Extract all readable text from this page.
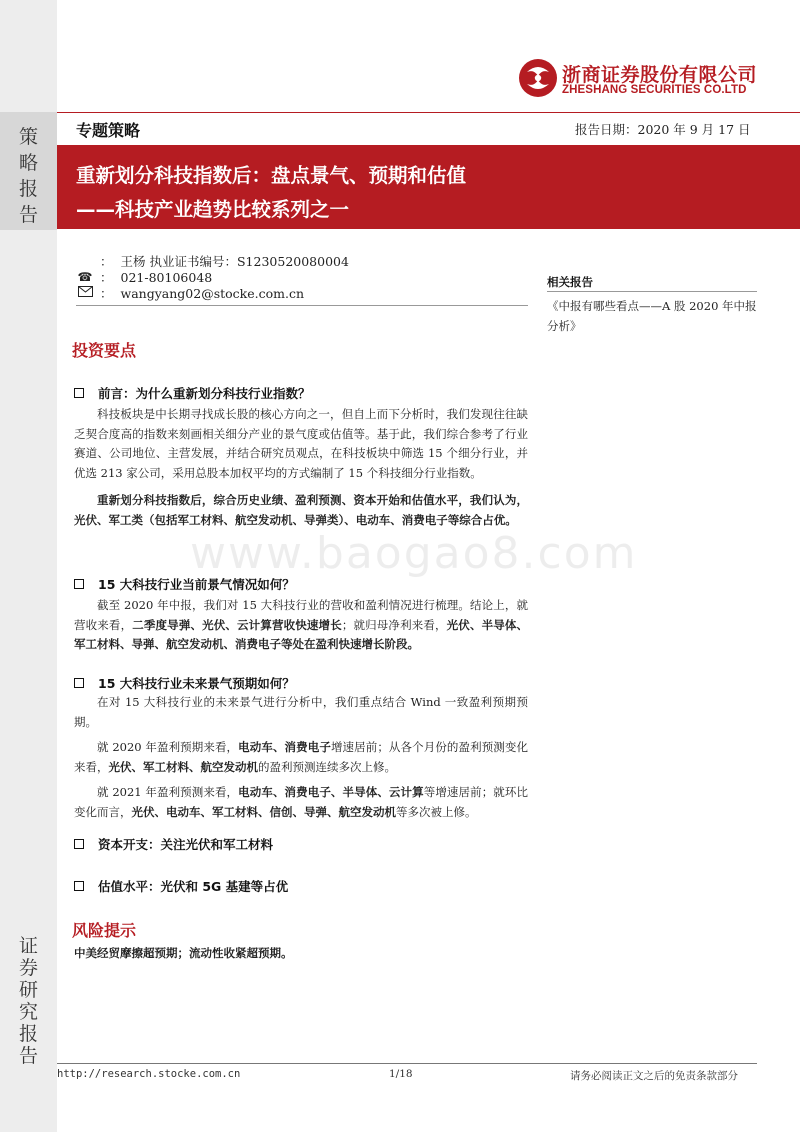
策
略
报
告
证
券
研
究
报
告
浙商证券股份有限公司
ZHESHANG SECURITIES CO.LTD
专题策略	报告日期：2020 年 9 月 17 日
重新划分科技指数后：盘点景气、预期和估值
——科技产业趋势比较系列之一
： 王杨 执业证书编号：S1230520080004
☎ ： 021-80106048
： wangyang02@stocke.com.cn
相关报告
《中报有哪些看点——A 股 2020 年中报分析》
www.baogao8.com
投资要点
前言：为什么重新划分科技行业指数？

科技板块是中长期寻找成长股的核心方向之一，但自上而下分析时，我们发现往往缺乏契合度高的指数来刻画相关细分产业的景气度或估值等。基于此，我们综合参考了行业赛道、公司地位、主营发展，并结合研究员观点，在科技板块中筛选 15 个细分行业，并优选 213 家公司，采用总股本加权平均的方式编制了 15 个科技细分行业指数。

重新划分科技指数后，综合历史业绩、盈利预测、资本开始和估值水平，我们认为，光伏、军工类（包括军工材料、航空发动机、导弹类）、电动车、消费电子等综合占优。

15 大科技行业当前景气情况如何？

截至 2020 年中报，我们对 15 大科技行业的营收和盈利情况进行梳理。结论上，就营收来看，二季度导弹、光伏、云计算营收快速增长；就归母净利来看，光伏、半导体、军工材料、导弹、航空发动机、消费电子等处在盈利快速增长阶段。

15 大科技行业未来景气预期如何？

在对 15 大科技行业的未来景气进行分析中，我们重点结合 Wind 一致盈利预期预期。

就 2020 年盈利预期来看，电动车、消费电子增速居前；从各个月份的盈利预测变化来看，光伏、军工材料、航空发动机的盈利预测连续多次上修。

就 2021 年盈利预测来看，电动车、消费电子、半导体、云计算等增速居前；就环比变化而言，光伏、电动车、军工材料、信创、导弹、航空发动机等多次被上修。

资本开支：关注光伏和军工材料
估值水平：光伏和 5G 基建等占优
风险提示
中美经贸摩擦超预期；流动性收紧超预期。
http://research.stocke.com.cn	1/18	请务必阅读正文之后的免责条款部分
